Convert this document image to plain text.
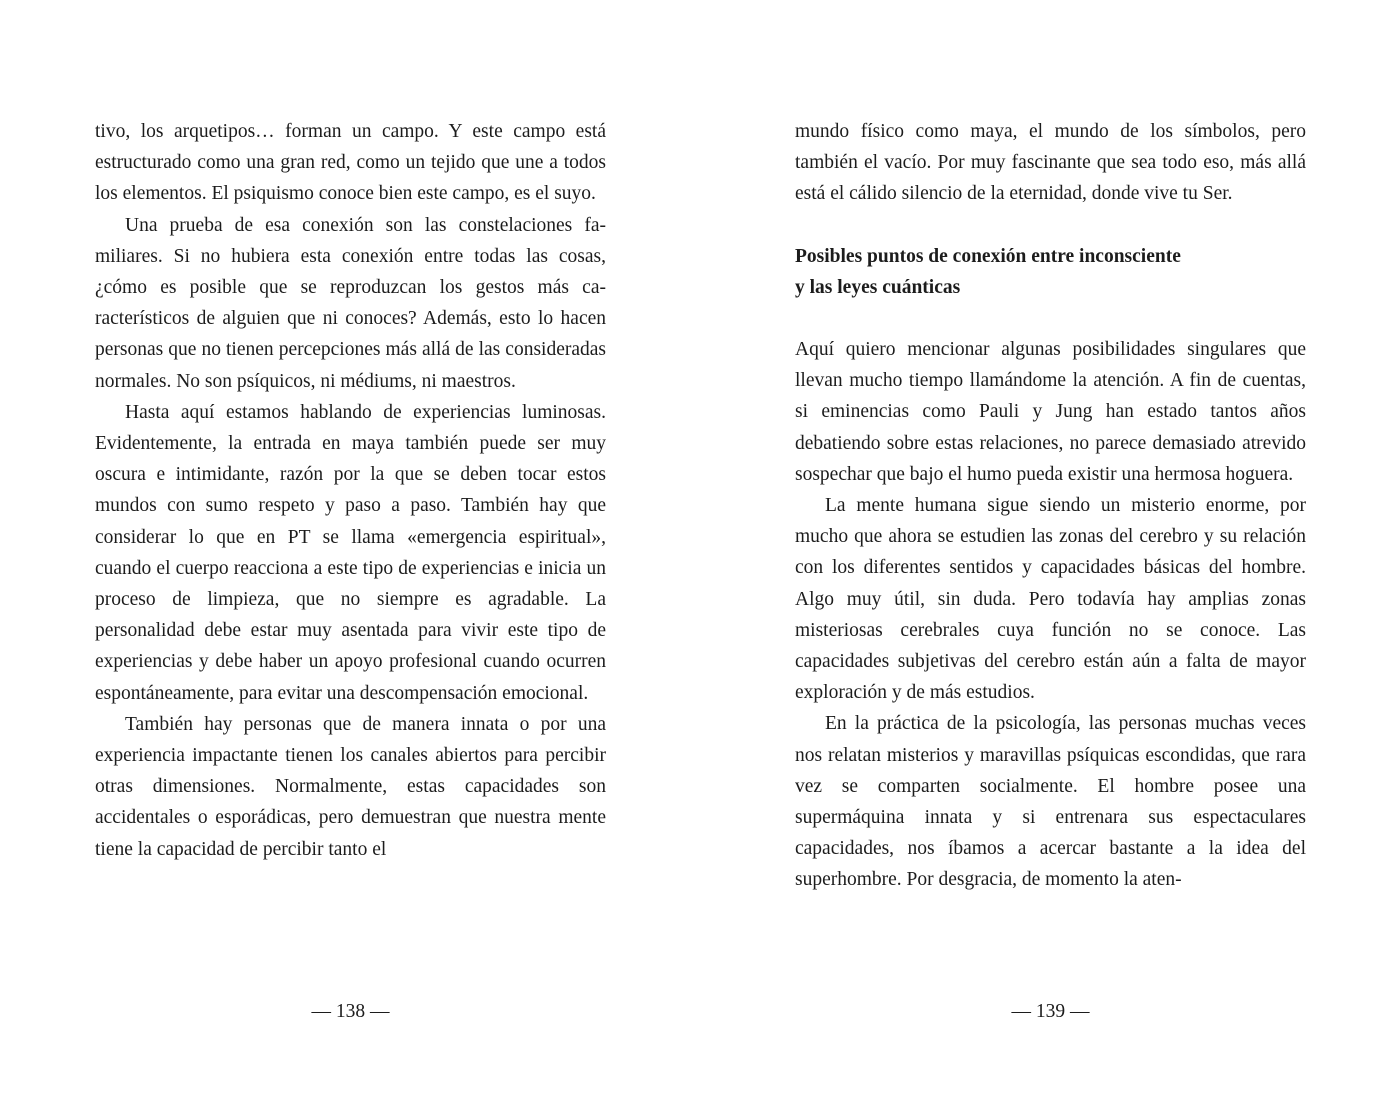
tivo, los arquetipos… forman un campo. Y este campo está estructurado como una gran red, como un tejido que une a todos los elementos. El psiquismo conoce bien este campo, es el suyo.

Una prueba de esa conexión son las constelaciones familiares. Si no hubiera esta conexión entre todas las cosas, ¿cómo es posible que se reproduzcan los gestos más característicos de alguien que ni conoces? Además, esto lo hacen personas que no tienen percepciones más allá de las consideradas normales. No son psíquicos, ni médiums, ni maestros.

Hasta aquí estamos hablando de experiencias luminosas. Evidentemente, la entrada en maya también puede ser muy oscura e intimidante, razón por la que se deben tocar estos mundos con sumo respeto y paso a paso. También hay que considerar lo que en PT se llama «emergencia espiritual», cuando el cuerpo reacciona a este tipo de experiencias e inicia un proceso de limpieza, que no siempre es agradable. La personalidad debe estar muy asentada para vivir este tipo de experiencias y debe haber un apoyo profesional cuando ocurren espontáneamente, para evitar una descompensación emocional.

También hay personas que de manera innata o por una experiencia impactante tienen los canales abiertos para percibir otras dimensiones. Normalmente, estas capacidades son accidentales o esporádicas, pero demuestran que nuestra mente tiene la capacidad de percibir tanto el

— 138 —

mundo físico como maya, el mundo de los símbolos, pero también el vacío. Por muy fascinante que sea todo eso, más allá está el cálido silencio de la eternidad, donde vive tu Ser.

Posibles puntos de conexión entre inconsciente
y las leyes cuánticas

Aquí quiero mencionar algunas posibilidades singulares que llevan mucho tiempo llamándome la atención. A fin de cuentas, si eminencias como Pauli y Jung han estado tantos años debatiendo sobre estas relaciones, no parece demasiado atrevido sospechar que bajo el humo pueda existir una hermosa hoguera.

La mente humana sigue siendo un misterio enorme, por mucho que ahora se estudien las zonas del cerebro y su relación con los diferentes sentidos y capacidades básicas del hombre. Algo muy útil, sin duda. Pero todavía hay amplias zonas misteriosas cerebrales cuya función no se conoce. Las capacidades subjetivas del cerebro están aún a falta de mayor exploración y de más estudios.

En la práctica de la psicología, las personas muchas veces nos relatan misterios y maravillas psíquicas escondidas, que rara vez se comparten socialmente. El hombre posee una supermáquina innata y si entrenara sus espectaculares capacidades, nos íbamos a acercar bastante a la idea del superhombre. Por desgracia, de momento la aten-

— 139 —
